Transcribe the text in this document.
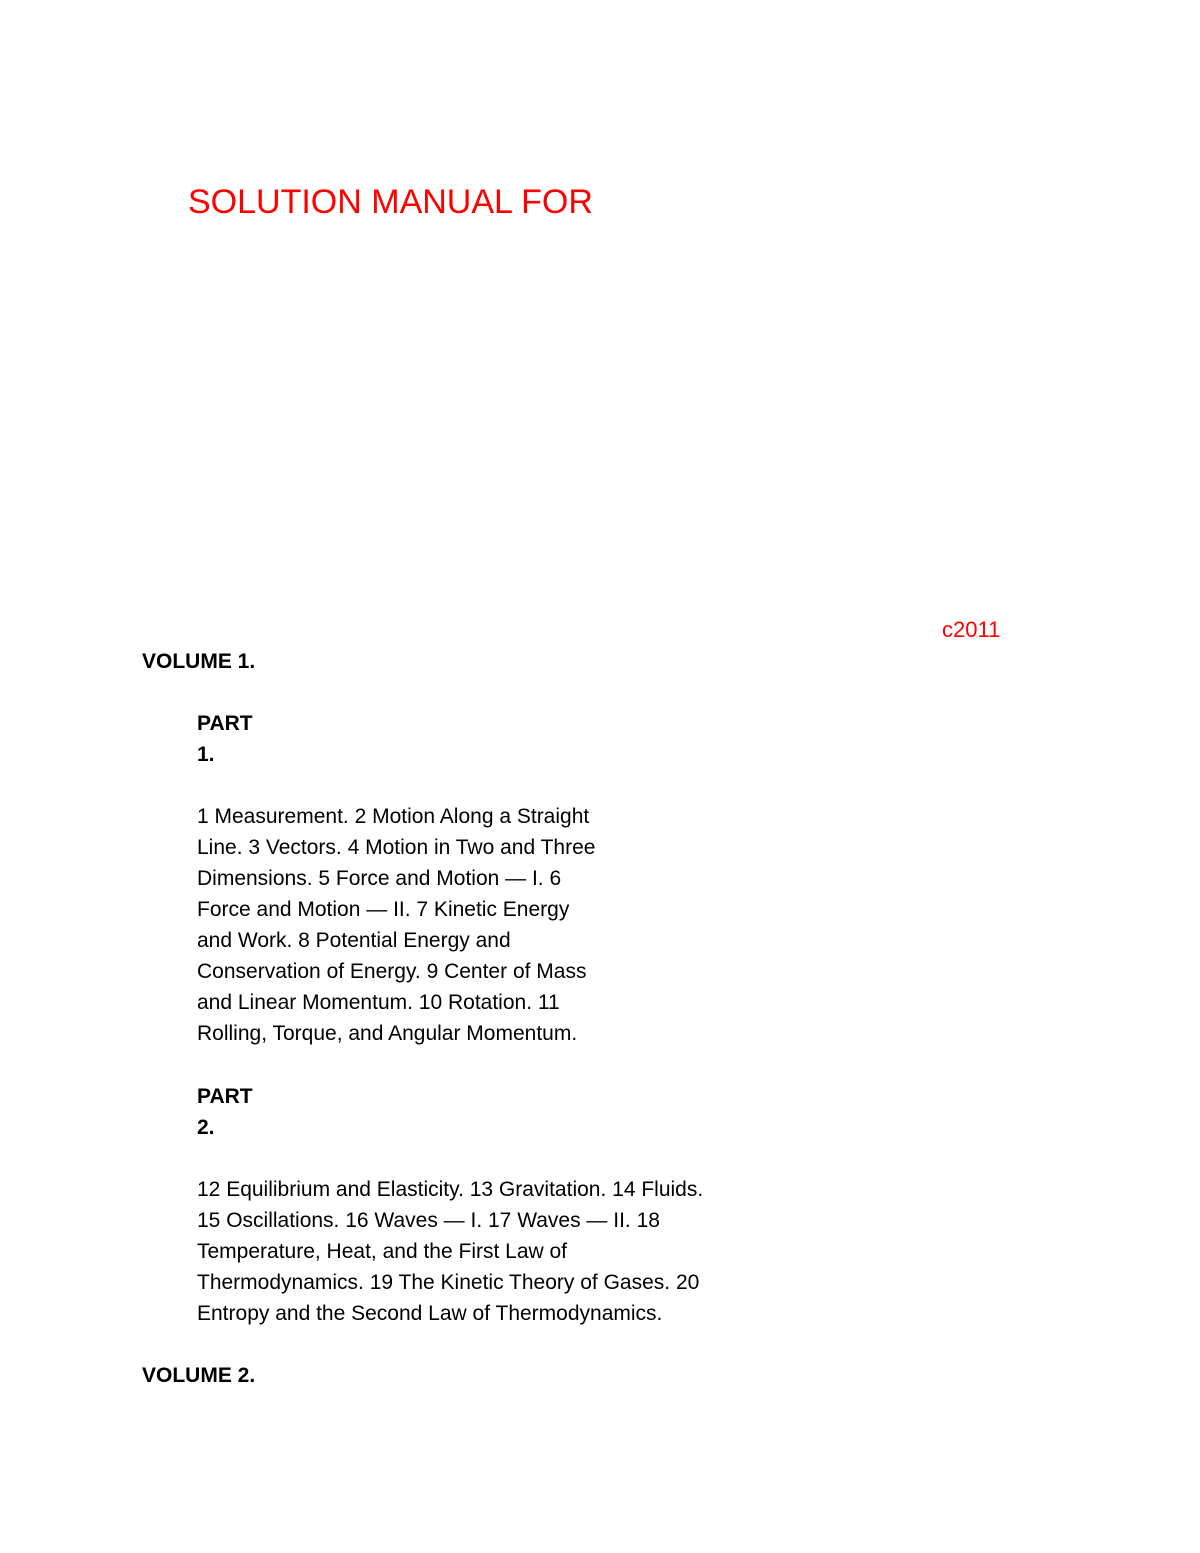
SOLUTION MANUAL FOR
c2011
VOLUME 1.
PART
1.
1 Measurement. 2 Motion Along a Straight
Line. 3 Vectors. 4 Motion in Two and Three
Dimensions. 5 Force and Motion — I. 6
Force and Motion — II. 7 Kinetic Energy
and Work. 8 Potential Energy and
Conservation of Energy. 9 Center of Mass
and Linear Momentum. 10 Rotation. 11
Rolling, Torque, and Angular Momentum.
PART
2.
12 Equilibrium and Elasticity. 13 Gravitation. 14 Fluids.
15 Oscillations. 16 Waves — I. 17 Waves — II. 18
Temperature, Heat, and the First Law of
Thermodynamics. 19 The Kinetic Theory of Gases. 20
Entropy and the Second Law of Thermodynamics.
VOLUME 2.
